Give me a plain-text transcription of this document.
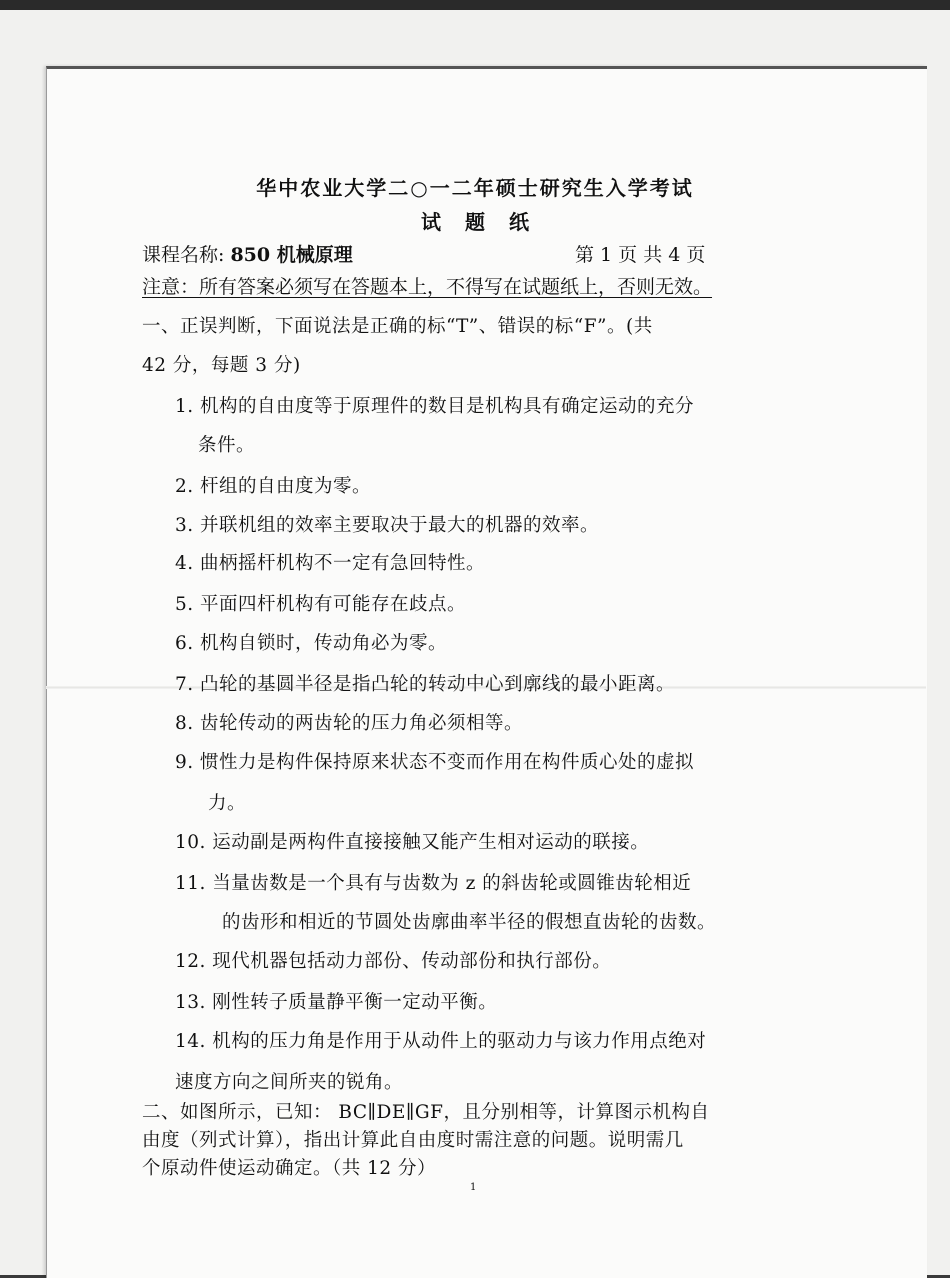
华中农业大学二○一二年硕士研究生入学考试
试题纸
课程名称: 850 机械原理	第 1 页 共 4 页
注意：所有答案必须写在答题本上，不得写在试题纸上，否则无效。
一、正误判断，下面说法是正确的标“T”、错误的标“F”。(共
42 分，每题 3 分)
1. 机构的自由度等于原理件的数目是机构具有确定运动的充分
条件。
2. 杆组的自由度为零。
3. 并联机组的效率主要取决于最大的机器的效率。
4. 曲柄摇杆机构不一定有急回特性。
5. 平面四杆机构有可能存在歧点。
6. 机构自锁时，传动角必为零。
7. 凸轮的基圆半径是指凸轮的转动中心到廓线的最小距离。
8. 齿轮传动的两齿轮的压力角必须相等。
9. 惯性力是构件保持原来状态不变而作用在构件质心处的虚拟
力。
10. 运动副是两构件直接接触又能产生相对运动的联接。
11. 当量齿数是一个具有与齿数为 z 的斜齿轮或圆锥齿轮相近
的齿形和相近的节圆处齿廓曲率半径的假想直齿轮的齿数。
12. 现代机器包括动力部份、传动部份和执行部份。
13. 刚性转子质量静平衡一定动平衡。
14. 机构的压力角是作用于从动件上的驱动力与该力作用点绝对
速度方向之间所夹的锐角。
二、如图所示，已知： BC∥DE∥GF，且分别相等，计算图示机构自
由度（列式计算），指出计算此自由度时需注意的问题。说明需几
个原动件使运动确定。（共 12 分）
1
